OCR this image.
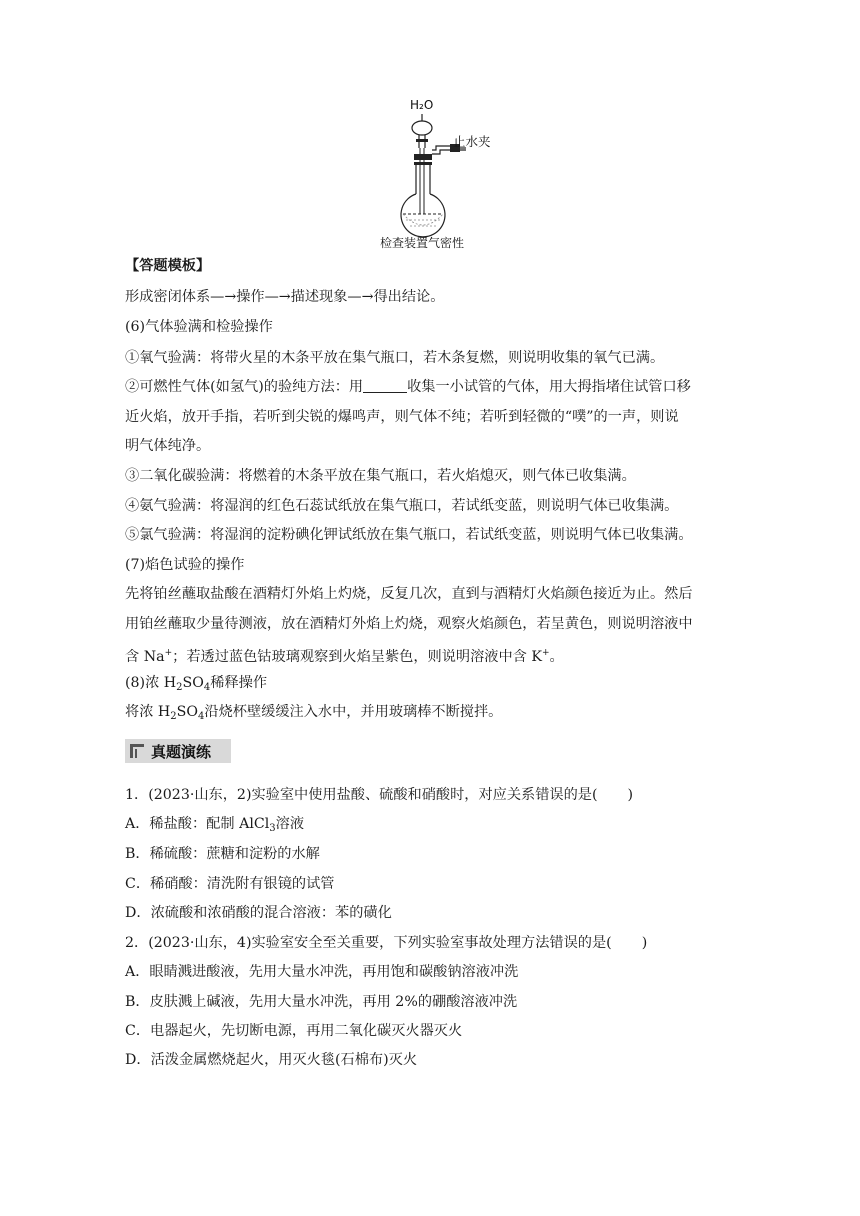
H₂O
止水夹
检查装置气密性
【答题模板】
形成密闭体系—→操作—→描述现象—→得出结论。
(6)气体验满和检验操作
①氧气验满：将带火星的木条平放在集气瓶口，若木条复燃，则说明收集的氧气已满。
②可燃性气体(如氢气)的验纯方法：用	收集一小试管的气体，用大拇指堵住试管口移
近火焰，放开手指，若听到尖锐的爆鸣声，则气体不纯；若听到轻微的“噗”的一声，则说
明气体纯净。
③二氧化碳验满：将燃着的木条平放在集气瓶口，若火焰熄灭，则气体已收集满。
④氨气验满：将湿润的红色石蕊试纸放在集气瓶口，若试纸变蓝，则说明气体已收集满。
⑤氯气验满：将湿润的淀粉碘化钾试纸放在集气瓶口，若试纸变蓝，则说明气体已收集满。
(7)焰色试验的操作
先将铂丝蘸取盐酸在酒精灯外焰上灼烧，反复几次，直到与酒精灯火焰颜色接近为止。然后
用铂丝蘸取少量待测液，放在酒精灯外焰上灼烧，观察火焰颜色，若呈黄色，则说明溶液中
含 Na+；若透过蓝色钴玻璃观察到火焰呈紫色，则说明溶液中含 K+。
(8)浓 $H_2SO_4$稀释操作
将浓 $H_2SO_4$沿烧杯壁缓缓注入水中，并用玻璃棒不断搅拌。
真题演练
1．(2023·山东，2)实验室中使用盐酸、硫酸和硝酸时，对应关系错误的是( )
A．稀盐酸：配制 AlCl$_3$溶液
B．稀硫酸：蔗糖和淀粉的水解
C．稀硝酸：清洗附有银镜的试管
D．浓硫酸和浓硝酸的混合溶液：苯的磺化
2．(2023·山东，4)实验室安全至关重要，下列实验室事故处理方法错误的是( )
A．眼睛溅进酸液，先用大量水冲洗，再用饱和碳酸钠溶液冲洗
B．皮肤溅上碱液，先用大量水冲洗，再用 2%的硼酸溶液冲洗
C．电器起火，先切断电源，再用二氧化碳灭火器灭火
D．活泼金属燃烧起火，用灭火毯(石棉布)灭火
